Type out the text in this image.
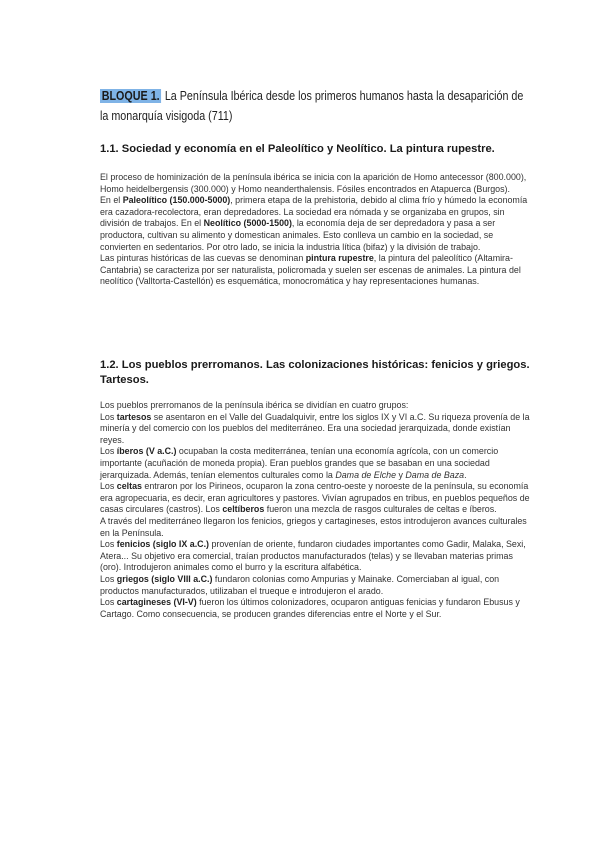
BLOQUE 1. La Península Ibérica desde los primeros humanos hasta la desaparición de
la monarquía visigoda (711)
1.1. Sociedad y economía en el Paleolítico y Neolítico. La pintura rupestre.

El proceso de hominización de la península ibérica se inicia con la aparición de Homo antecessor (800.000), Homo heidelbergensis (300.000) y Homo neanderthalensis. Fósiles encontrados en Atapuerca (Burgos).

En el Paleolítico (150.000-5000), primera etapa de la prehistoria, debido al clima frío y húmedo la economía era cazadora-recolectora, eran depredadores. La sociedad era nómada y se organizaba en grupos, sin división de trabajos. En el Neolítico (5000-1500), la economía deja de ser depredadora y pasa a ser productora, cultivan su alimento y domestican animales. Esto conlleva un cambio en la sociedad, se convierten en sedentarios. Por otro lado, se inicia la industria lítica (bifaz) y la división de trabajo.

Las pinturas históricas de las cuevas se denominan pintura rupestre, la pintura del paleolítico (Altamira-Cantabria) se caracteriza por ser naturalista, policromada y suelen ser escenas de animales. La pintura del neolítico (Valltorta-Castellón) es esquemática, monocromática y hay representaciones humanas.

1.2. Los pueblos prerromanos. Las colonizaciones históricas: fenicios y griegos. Tartesos.

Los pueblos prerromanos de la península ibérica se dividían en cuatro grupos:

Los tartesos se asentaron en el Valle del Guadalquivir, entre los siglos IX y VI a.C. Su riqueza provenía de la minería y del comercio con los pueblos del mediterráneo. Era una sociedad jerarquizada, donde existían reyes.

Los íberos (V a.C.) ocupaban la costa mediterránea, tenían una economía agrícola, con un comercio importante (acuñación de moneda propia). Eran pueblos grandes que se basaban en una sociedad jerarquizada. Además, tenían elementos culturales como la Dama de Elche y Dama de Baza.

Los celtas entraron por los Pirineos, ocuparon la zona centro-oeste y noroeste de la península, su economía era agropecuaria, es decir, eran agricultores y pastores. Vivían agrupados en tribus, en pueblos pequeños de casas circulares (castros). Los celtíberos fueron una mezcla de rasgos culturales de celtas e íberos.

A través del mediterráneo llegaron los fenicios, griegos y cartagineses, estos introdujeron avances culturales en la Península.

Los fenicios (siglo IX a.C.) provenían de oriente, fundaron ciudades importantes como Gadir, Malaka, Sexi, Atera... Su objetivo era comercial, traían productos manufacturados (telas) y se llevaban materias primas (oro). Introdujeron animales como el burro y la escritura alfabética.

Los griegos (siglo VIII a.C.) fundaron colonias como Ampurias y Mainake. Comerciaban al igual, con productos manufacturados, utilizaban el trueque e introdujeron el arado.

Los cartagineses (VI-V) fueron los últimos colonizadores, ocuparon antiguas fenicias y fundaron Ebusus y Cartago. Como consecuencia, se producen grandes diferencias entre el Norte y el Sur.
